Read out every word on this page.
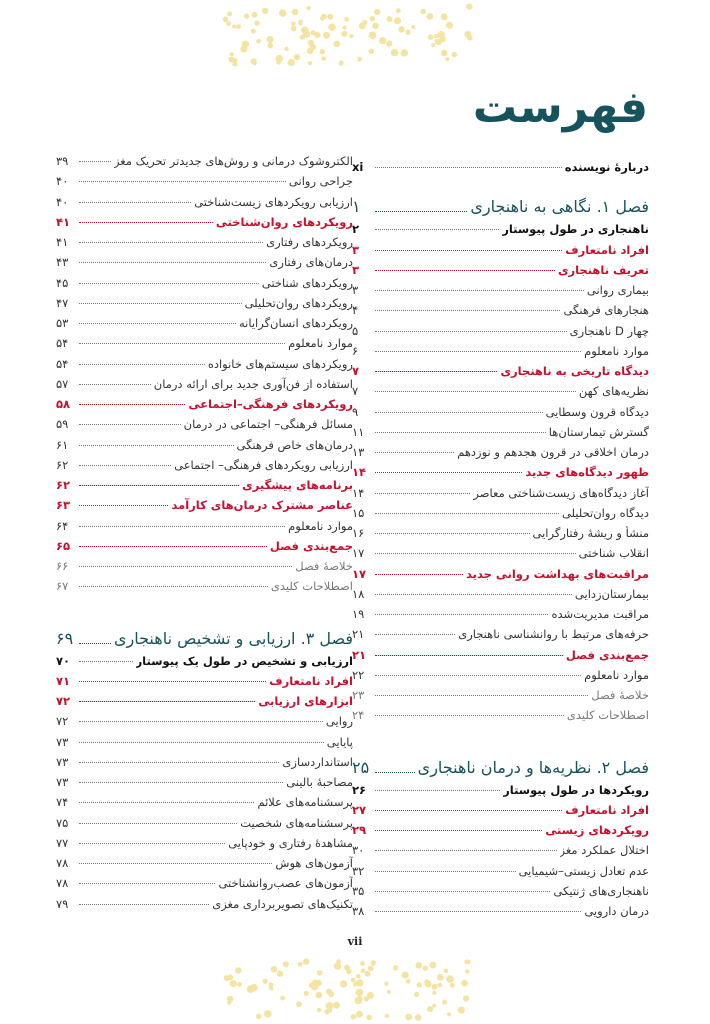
فهرست
دربارهٔ نویسنده
xi
فصل ۱. نگاهی به ناهنجاری
۱
ناهنجاری در طول پیوستار
۲
افراد نامتعارف
۳
تعریف ناهنجاری
۳
بیماری روانی
۳
هنجارهای فرهنگی
۴
چهار D ناهنجاری
۵
موارد نامعلوم
۶
دیدگاه تاریخی به ناهنجاری
۷
نظریه‌های کهن
۷
دیدگاه قرون وسطایی
۹
گسترش تیمارستان‌ها
۱۱
درمان اخلاقی در قرون هجدهم و نوزدهم
۱۳
ظهور دیدگاه‌های جدید
۱۴
آغاز دیدگاه‌های زیست‌شناختی معاصر
۱۴
دیدگاه روان‌تحلیلی
۱۵
منشأ و ریشهٔ رفتارگرایی
۱۶
انقلاب شناختی
۱۷
مراقبت‌های بهداشت روانی جدید
۱۷
بیمارستان‌زدایی
۱۸
مراقبت مدیریت‌شده
۱۹
حرفه‌های مرتبط با روانشناسی ناهنجاری
۲۱
جمع‌بندی فصل
۲۱
موارد نامعلوم
۲۲
خلاصهٔ فصل
۲۳
اصطلاحات کلیدی
۲۴
فصل ۲. نظریه‌ها و درمان ناهنجاری
۲۵
رویکردها در طول پیوستار
۲۶
افراد نامتعارف
۲۷
رویکردهای زیستی
۲۹
اختلال عملکرد مغز
۳۰
عدم تعادل زیستی–شیمیایی
۳۲
ناهنجاری‌های ژنتیکی
۳۵
درمان دارویی
۳۸
الکتروشوک درمانی و روش‌های جدیدتر تحریک مغز
۳۹
جراحی روانی
۴۰
ارزیابی رویکردهای زیست‌شناختی
۴۰
رویکردهای روان‌شناختی
۴۱
رویکردهای رفتاری
۴۱
درمان‌های رفتاری
۴۳
رویکردهای شناختی
۴۵
رویکردهای روان‌تحلیلی
۴۷
رویکردهای انسان‌گرایانه
۵۳
موارد نامعلوم
۵۴
رویکردهای سیستم‌های خانواده
۵۴
استفاده از فن‌آوری جدید برای ارائه درمان
۵۷
رویکردهای فرهنگی–اجتماعی
۵۸
مسائل فرهنگی– اجتماعی در درمان
۵۹
درمان‌های خاص فرهنگی
۶۱
ارزیابی رویکردهای فرهنگی– اجتماعی
۶۲
برنامه‌های پیشگیری
۶۲
عناصر مشترک درمان‌های کارآمد
۶۳
موارد نامعلوم
۶۴
جمع‌بندی فصل
۶۵
خلاصهٔ فصل
۶۶
اصطلاحات کلیدی
۶۷
فصل ۳. ارزیابی و تشخیص ناهنجاری
۶۹
ارزیابی و تشخیص در طول یک پیوستار
۷۰
افراد نامتعارف
۷۱
ابزارهای ارزیابی
۷۲
روایی
۷۲
پایایی
۷۳
استانداردسازی
۷۳
مصاحبهٔ بالینی
۷۳
پرسشنامه‌های علائم
۷۴
پرسشنامه‌های شخصیت
۷۵
مشاهدهٔ رفتاری و خودپایی
۷۷
آزمون‌های هوش
۷۸
آزمون‌های عصب‌روانشناختی
۷۸
تکنیک‌های تصویربرداری مغزی
۷۹
vii
